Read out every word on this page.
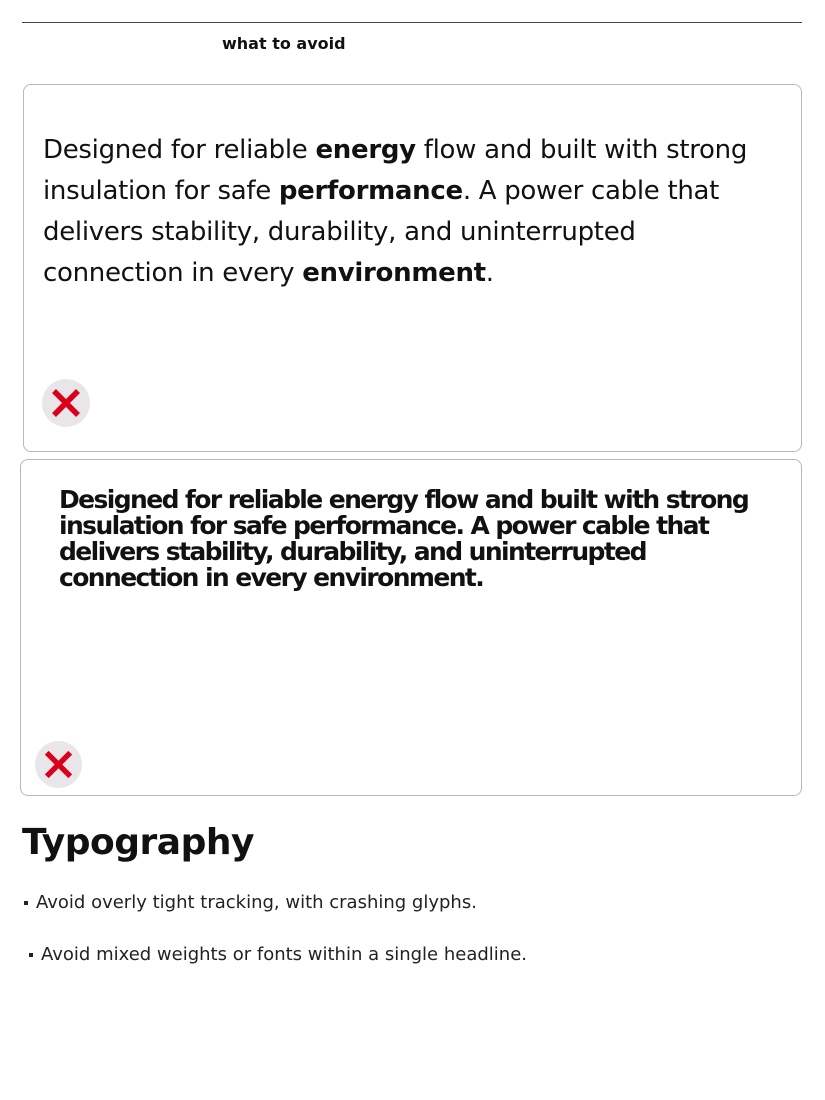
what to avoid
Designed for reliable energy flow and built with strong insulation for safe performance. A power cable that delivers stability, durability, and uninterrupted connection in every environment.
Designed for reliable energy flow and built with strong insulation for safe performance. A power cable that delivers stability, durability, and uninterrupted connection in every environment.
Typography
Avoid overly tight tracking, with crashing glyphs.
Avoid mixed weights or fonts within a single headline.
